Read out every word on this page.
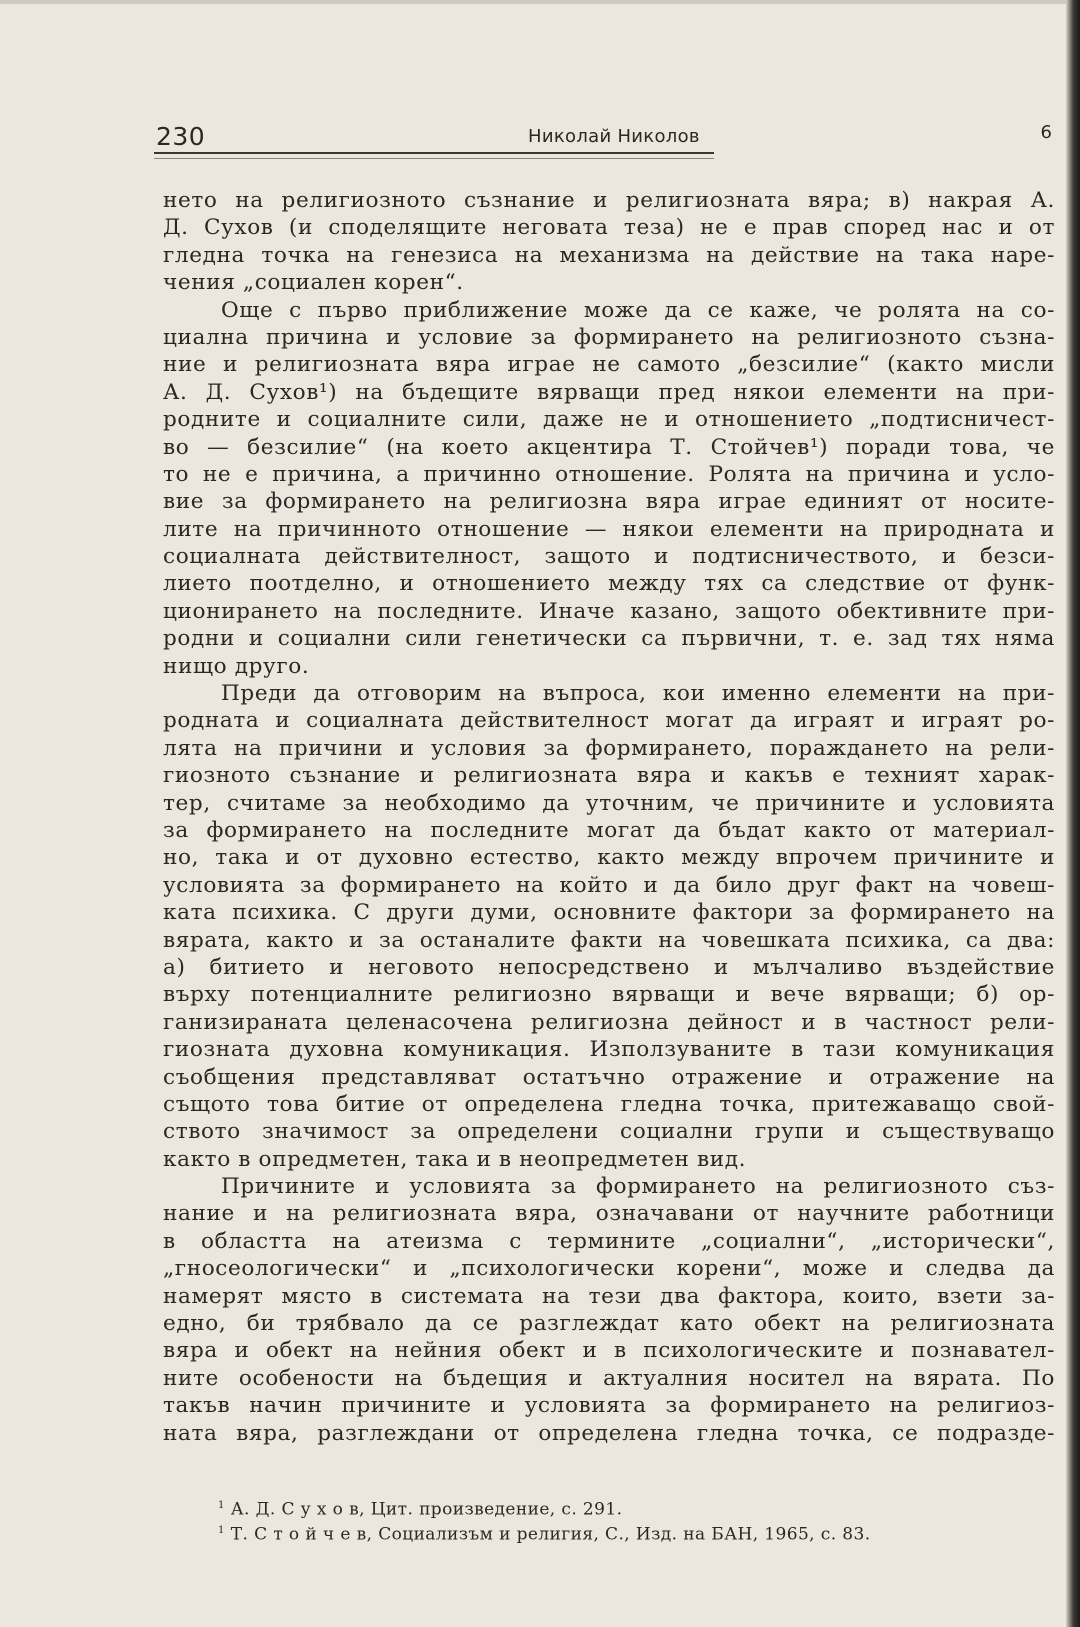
230	Николай Николов	6
нето на религиозното съзнание и религиозната вяра; в) накрая А.
Д. Сухов (и споделящите неговата теза) не е прав според нас и от
гледна точка на генезиса на механизма на действие на така наре-
чения „социален корен“.
Още с първо приближение може да се каже, че ролята на со-
циална причина и условие за формирането на религиозното съзна-
ние и религиозната вяра играе не самото „безсилие“ (както мисли
А. Д. Сухов¹) на бъдещите вярващи пред някои елементи на при-
родните и социалните сили, даже не и отношението „подтисничест-
во — безсилие“ (на което акцентира Т. Стойчев¹) поради това, че
то не е причина, а причинно отношение. Ролята на причина и усло-
вие за формирането на религиозна вяра играе единият от носите-
лите на причинното отношение — някои елементи на природната и
социалната действителност, защото и подтисничеството, и безси-
лието поотделно, и отношението между тях са следствие от функ-
ционирането на последните. Иначе казано, защото обективните при-
родни и социални сили генетически са първични, т. е. зад тях няма
нищо друго.
Преди да отговорим на въпроса, кои именно елементи на при-
родната и социалната действителност могат да играят и играят ро-
лята на причини и условия за формирането, пораждането на рели-
гиозното съзнание и религиозната вяра и какъв е техният харак-
тер, считаме за необходимо да уточним, че причините и условията
за формирането на последните могат да бъдат както от материал-
но, така и от духовно естество, както между впрочем причините и
условията за формирането на който и да било друг факт на човеш-
ката психика. С други думи, основните фактори за формирането на
вярата, както и за останалите факти на човешката психика, са два:
а) битието и неговото непосредствено и мълчаливо въздействие
върху потенциалните религиозно вярващи и вече вярващи; б) ор-
ганизираната целенасочена религиозна дейност и в частност рели-
гиозната духовна комуникация. Използуваните в тази комуникация
съобщения представляват остатъчно отражение и отражение на
същото това битие от определена гледна точка, притежаващо свой-
ството значимост за определени социални групи и съществуващо
както в опредметен, така и в неопредметен вид.
Причините и условията за формирането на религиозното съз-
нание и на религиозната вяра, означавани от научните работници
в областта на атеизма с термините „социални“, „исторически“,
„гносеологически“ и „психологически корени“, може и следва да
намерят място в системата на тези два фактора, които, взети за-
едно, би трябвало да се разглеждат като обект на религиозната
вяра и обект на нейния обект и в психологическите и познавател-
ните особености на бъдещия и актуалния носител на вярата. По
такъв начин причините и условията за формирането на религиоз-
ната вяра, разглеждани от определена гледна точка, се подразде-
$^1$ А. Д. С у х о в, Цит. произведение, с. 291.
$^1$ Т. С т о й ч е в, Социализъм и религия, С., Изд. на БАН, 1965, с. 83.
